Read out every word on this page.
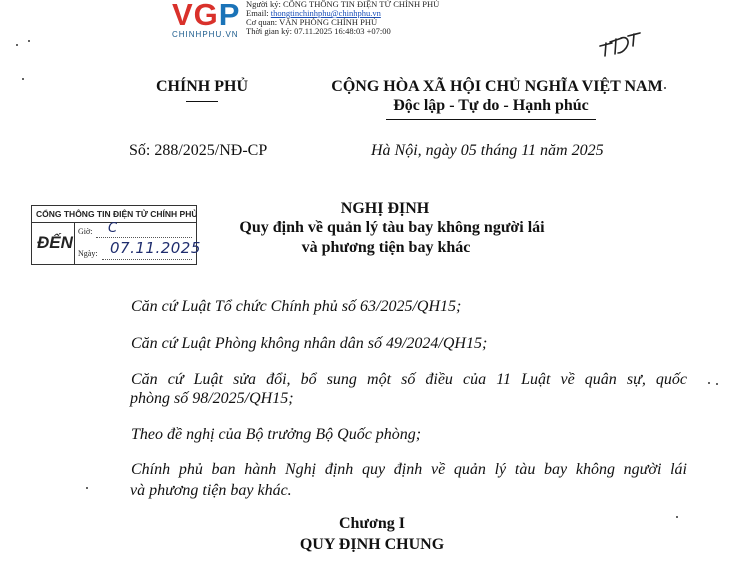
VGP
CHINHPHU.VN
Người ký: CỔNG THÔNG TIN ĐIỆN TỬ CHÍNH PHỦ
Email: thongtinchinhphu@chinhphu.vn
Cơ quan: VĂN PHÒNG CHÍNH PHỦ
Thời gian ký: 07.11.2025 16:48:03 +07:00
CHÍNH PHỦ	CỘNG HÒA XÃ HỘI CHỦ NGHĨA VIỆT NAM
Độc lập - Tự do - Hạnh phúc
Số: 288/2025/NĐ-CP	Hà Nội, ngày 05 tháng 11 năm 2025
CỔNG THÔNG TIN ĐIỆN TỬ CHÍNH PHỦ
ĐẾN
Giờ: C
Ngày: 07.11.2025
NGHỊ ĐỊNH
Quy định về quản lý tàu bay không người lái
và phương tiện bay khác
Căn cứ Luật Tổ chức Chính phủ số 63/2025/QH15;
Căn cứ Luật Phòng không nhân dân số 49/2024/QH15;
Căn cứ Luật sửa đổi, bổ sung một số điều của 11 Luật về quân sự, quốc
phòng số 98/2025/QH15;
Theo đề nghị của Bộ trưởng Bộ Quốc phòng;
Chính phủ ban hành Nghị định quy định về quản lý tàu bay không người lái
và phương tiện bay khác.
Chương I
QUY ĐỊNH CHUNG
